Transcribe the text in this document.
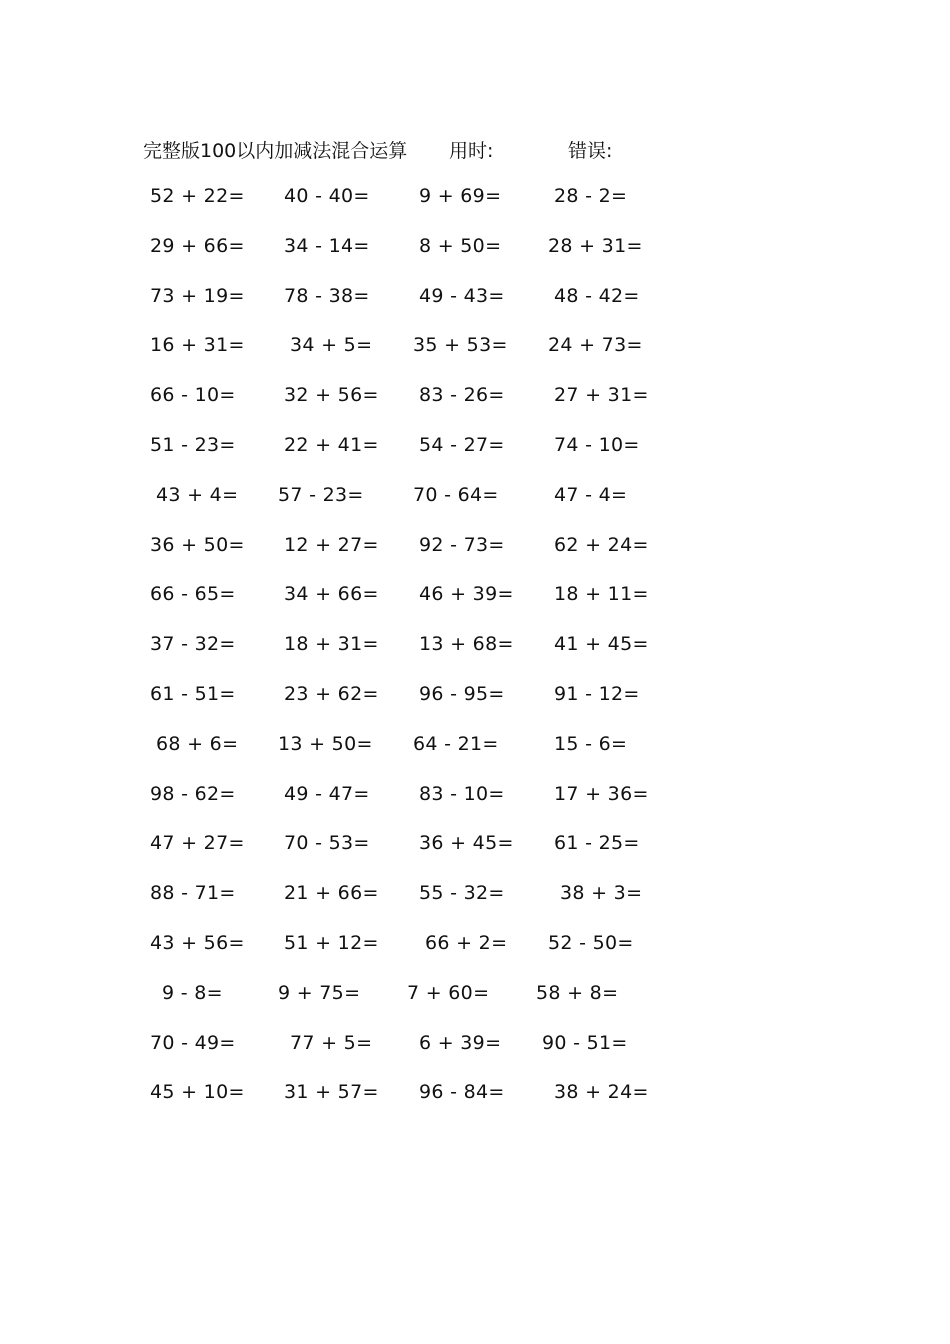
完整版100以内加减法混合运算 用时:	错误:
52 + 22= 40 - 40=	9 + 69=	28 - 2=
29 + 66= 34 - 14=	8 + 50= 28 + 31=
73 + 19= 78 - 38=	49 - 43=	48 - 42=
16 + 31= 34 + 5= 35 + 53= 24 + 73=
66 - 10=	32 + 56= 83 - 26=	27 + 31=
51 - 23=	22 + 41= 54 - 27=	74 - 10=
43 + 4= 57 - 23=	70 - 64=	47 - 4=
36 + 50= 12 + 27= 92 - 73=	62 + 24=
66 - 65=	34 + 66= 46 + 39= 18 + 11=
37 - 32=	18 + 31= 13 + 68= 41 + 45=
61 - 51=	23 + 62= 96 - 95=	91 - 12=
68 + 6= 13 + 50= 64 - 21=	15 - 6=
98 - 62=	49 - 47=	83 - 10=	17 + 36=
47 + 27= 70 - 53=	36 + 45= 61 - 25=
88 - 71=	21 + 66= 55 - 32=	38 + 3=
43 + 56= 51 + 12= 66 + 2= 52 - 50=
9 - 8=	9 + 75= 7 + 60= 58 + 8=
70 - 49=	77 + 5= 6 + 39= 90 - 51=
45 + 10= 31 + 57= 96 - 84=	38 + 24=
